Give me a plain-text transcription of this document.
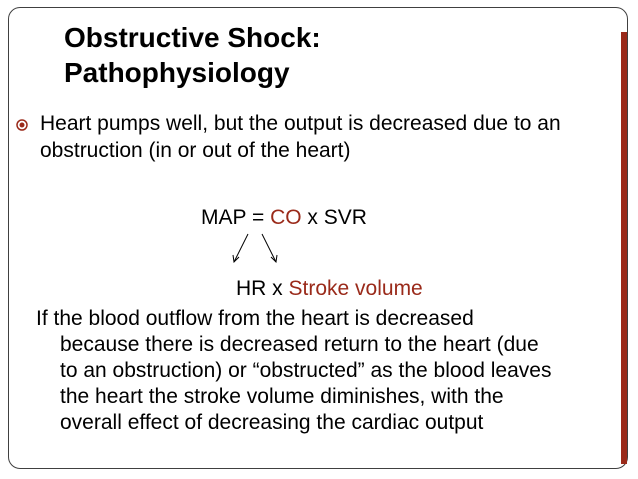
Obstructive Shock:
Pathophysiology
Heart pumps well, but the output is decreased due to an obstruction (in or out of the heart)
MAP = CO x SVR
HR x Stroke volume
If the blood outflow from the heart is decreased
because there is decreased return to the heart (due
to an obstruction) or “obstructed” as the blood leaves
the heart the stroke volume diminishes, with the
overall effect of decreasing the cardiac output
